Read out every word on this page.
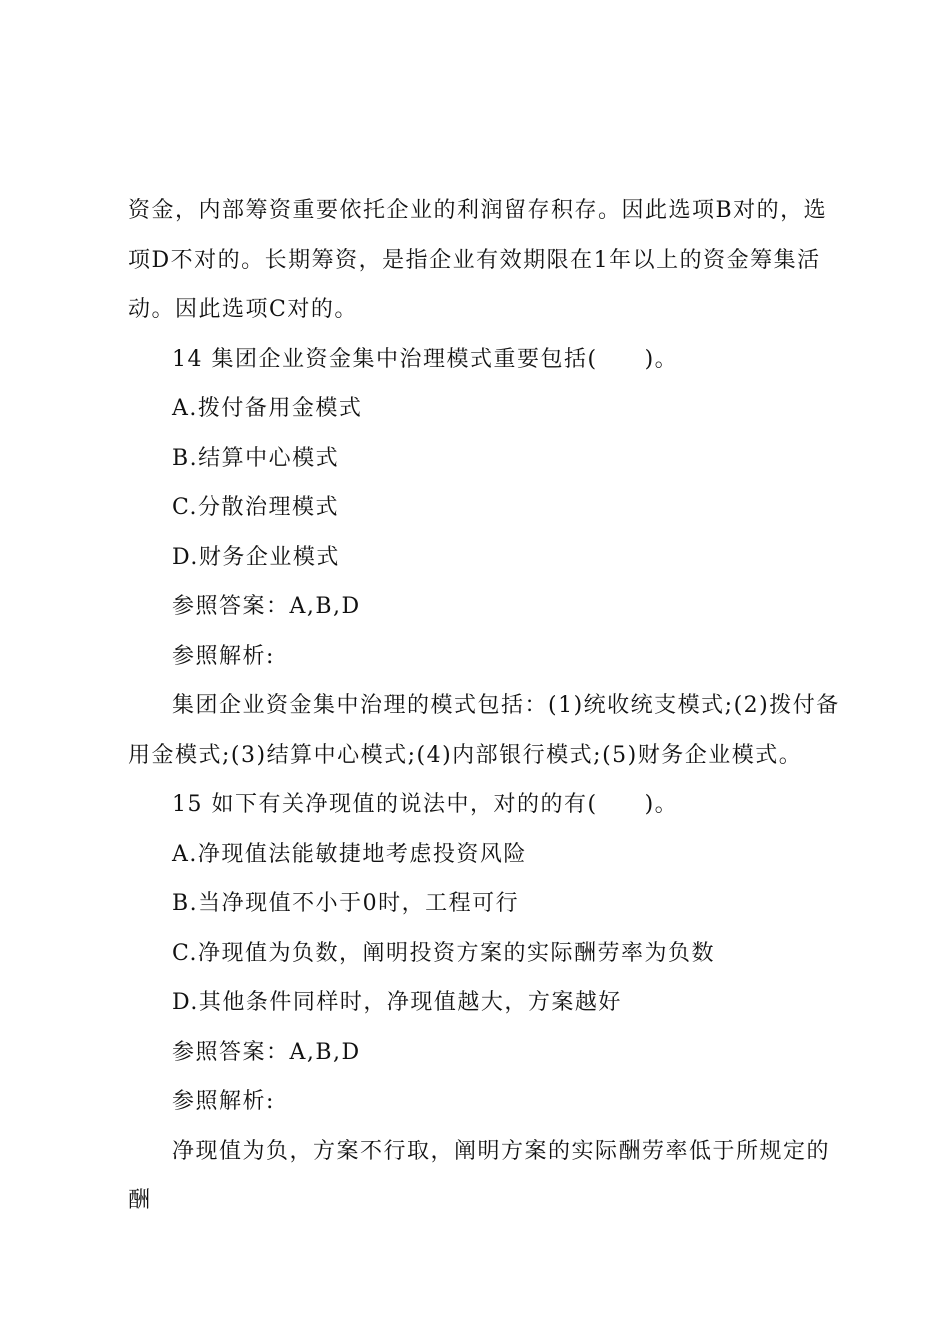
资金，内部筹资重要依托企业的利润留存积存。因此选项B对的，选项D不对的。长期筹资，是指企业有效期限在1年以上的资金筹集活动。因此选项C对的。

14 集团企业资金集中治理模式重要包括(　　)。

A.拨付备用金模式

B.结算中心模式

C.分散治理模式

D.财务企业模式

参照答案：A,B,D

参照解析:

集团企业资金集中治理的模式包括：(1)统收统支模式;(2)拨付备用金模式;(3)结算中心模式;(4)内部银行模式;(5)财务企业模式。

15 如下有关净现值的说法中，对的的有(　　)。

A.净现值法能敏捷地考虑投资风险

B.当净现值不小于0时，工程可行

C.净现值为负数，阐明投资方案的实际酬劳率为负数

D.其他条件同样时，净现值越大，方案越好

参照答案：A,B,D

参照解析:

净现值为负，方案不行取，阐明方案的实际酬劳率低于所规定的酬
